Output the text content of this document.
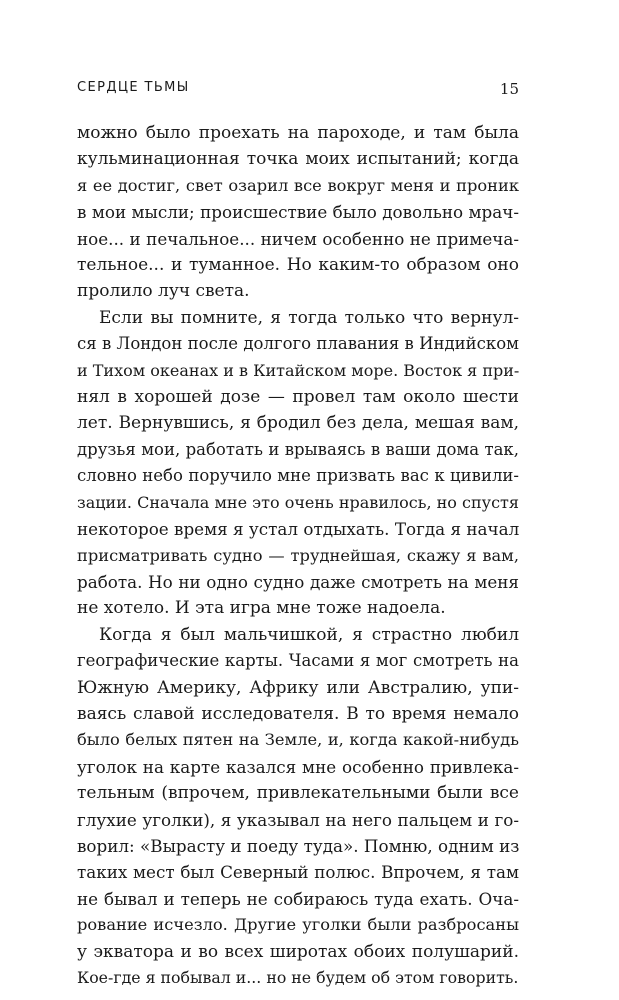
СЕРДЦЕ ТЬМЫ	15
можно было проехать на пароходе, и там была
кульминационная точка моих испытаний; когда
я ее достиг, свет озарил все вокруг меня и проник
в мои мысли; происшествие было довольно мрач-
ное... и печальное... ничем особенно не примеча-
тельное... и туманное. Но каким-то образом оно
пролило луч света.
Если вы помните, я тогда только что вернул-
ся в Лондон после долгого плавания в Индийском
и Тихом океанах и в Китайском море. Восток я при-
нял в хорошей дозе — провел там около шести
лет. Вернувшись, я бродил без дела, мешая вам,
друзья мои, работать и врываясь в ваши дома так,
словно небо поручило мне призвать вас к цивили-
зации. Сначала мне это очень нравилось, но спустя
некоторое время я устал отдыхать. Тогда я начал
присматривать судно — труднейшая, скажу я вам,
работа. Но ни одно судно даже смотреть на меня
не хотело. И эта игра мне тоже надоела.
Когда я был мальчишкой, я страстно любил
географические карты. Часами я мог смотреть на
Южную Америку, Африку или Австралию, упи-
ваясь славой исследователя. В то время немало
было белых пятен на Земле, и, когда какой-нибудь
уголок на карте казался мне особенно привлека-
тельным (впрочем, привлекательными были все
глухие уголки), я указывал на него пальцем и го-
ворил: «Вырасту и поеду туда». Помню, одним из
таких мест был Северный полюс. Впрочем, я там
не бывал и теперь не собираюсь туда ехать. Оча-
рование исчезло. Другие уголки были разбросаны
у экватора и во всех широтах обоих полушарий.
Кое-где я побывал и... но не будем об этом говорить.
